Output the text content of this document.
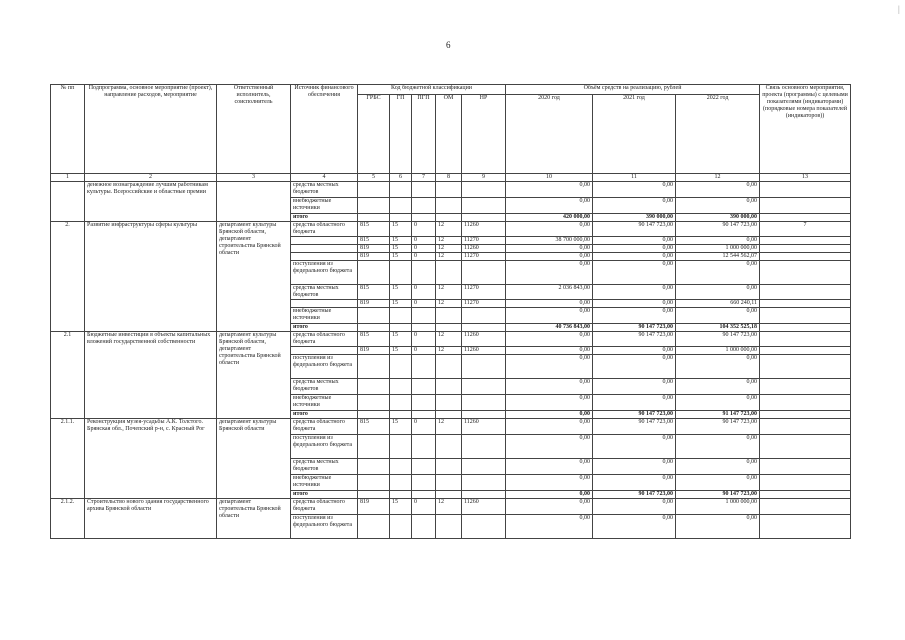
|
6
№ пп	Подпрограмма, основное мероприятие (проект), направление расходов, мероприятие	Ответственный исполнитель, соисполнитель	Источник финансового обеспечения	Код бюджетной классификации					Объём средств на реализацию, рублей			Связь основного мероприятия, проекта (программы) с целевыми показателями (индикаторами) (порядковые номера показателей (индикаторов))
				ГРБС	ГП	ПГП	ОМ	НР	2020 год	2021 год	2022 год	
1	2	3	4	5	6	7	8	9	10	11	12	13
	денежное вознаграждение лучшим работникам культуры. Всероссийские и областные премии		средства местных бюджетов						0,00	0,00	0,00	
			внебюджетные источники						0,00	0,00	0,00	
			итого						420 000,00	390 000,00	390 000,00	
2.	Развитие инфраструктуры сферы культуры	департамент культуры Брянской области, департамент строительства Брянской области	средства областного бюджета	815	15	0	12	11260	0,00	90 147 723,00	90 147 723,00	7
				815	15	0	12	11270	38 700 000,00	0,00	0,00	
				819	15	0	12	11260	0,00	0,00	1 000 000,00	
				819	15	0	12	11270	0,00	0,00	12 544 562,07	
			поступления из федерального бюджета						0,00	0,00	0,00	
			средства местных бюджетов	815	15	0	12	11270	2 036 843,00	0,00	0,00	
				819	15	0	12	11270	0,00	0,00	660 240,11	
			внебюджетные источники						0,00	0,00	0,00	
			итого						40 736 843,00	90 147 723,00	104 352 525,18	
2.1	Бюджетные инвестиции в объекты капитальных вложений государственной собственности	департамент культуры Брянской области, департамент строительства Брянской области	средства областного бюджета	815	15	0	12	11260	0,00	90 147 723,00	90 147 723,00	
				819	15	0	12	11260	0,00	0,00	1 000 000,00	
			поступления из федерального бюджета						0,00	0,00	0,00	
			средства местных бюджетов						0,00	0,00	0,00	
			внебюджетные источники						0,00	0,00	0,00	
			итого						0,00	90 147 723,00	91 147 723,00	
2.1.1.	Реконструкция музея-усадьбы А.К. Толстого. Брянская обл., Почепский р-н, с. Красный Рог	департамент культуры Брянской области	средства областного бюджета	815	15	0	12	11260	0,00	90 147 723,00	90 147 723,00	
			поступления из федерального бюджета						0,00	0,00	0,00	
			средства местных бюджетов						0,00	0,00	0,00	
			внебюджетные источники						0,00	0,00	0,00	
			итого						0,00	90 147 723,00	90 147 723,00	
2.1.2.	Строительство нового здания государственного архива Брянской области	департамент строительства Брянской области	средства областного бюджета	819	15	0	12	11260	0,00	0,00	1 000 000,00	
			поступления из федерального бюджета						0,00	0,00	0,00	
